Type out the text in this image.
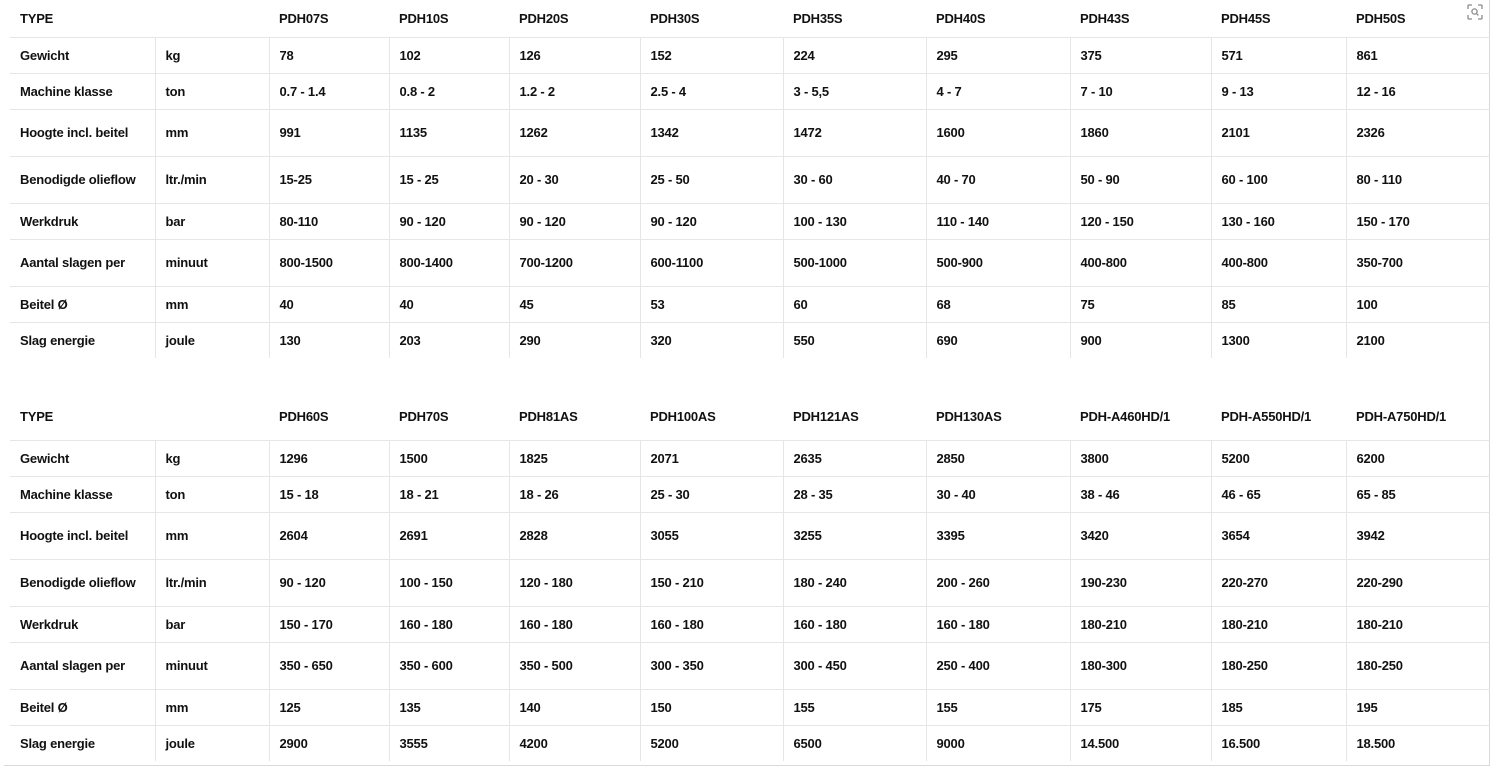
TYPE		PDH07S	PDH10S	PDH20S	PDH30S	PDH35S	PDH40S	PDH43S	PDH45S	PDH50S
Gewicht	kg	78	102	126	152	224	295	375	571	861
Machine klasse	ton	0.7 - 1.4	0.8 - 2	1.2 - 2	2.5 - 4	3 - 5,5	4 - 7	7 - 10	9 - 13	12 - 16
Hoogte incl. beitel	mm	991	1135	1262	1342	1472	1600	1860	2101	2326
Benodigde olieflow	ltr./min	15-25	15 - 25	20 - 30	25 - 50	30 - 60	40 - 70	50 - 90	60 - 100	80 - 110
Werkdruk	bar	80-110	90 - 120	90 - 120	90 - 120	100 - 130	110 - 140	120 - 150	130 - 160	150 - 170
Aantal slagen per	minuut	800-1500	800-1400	700-1200	600-1100	500-1000	500-900	400-800	400-800	350-700
Beitel Ø	mm	40	40	45	53	60	68	75	85	100
Slag energie	joule	130	203	290	320	550	690	900	1300	2100
TYPE		PDH60S	PDH70S	PDH81AS	PDH100AS	PDH121AS	PDH130AS	PDH-A460HD/1	PDH-A550HD/1	PDH-A750HD/1
Gewicht	kg	1296	1500	1825	2071	2635	2850	3800	5200	6200
Machine klasse	ton	15 - 18	18 - 21	18 - 26	25 - 30	28 - 35	30 - 40	38 - 46	46 - 65	65 - 85
Hoogte incl. beitel	mm	2604	2691	2828	3055	3255	3395	3420	3654	3942
Benodigde olieflow	ltr./min	90 - 120	100 - 150	120 - 180	150 - 210	180 - 240	200 - 260	190-230	220-270	220-290
Werkdruk	bar	150 - 170	160 - 180	160 - 180	160 - 180	160 - 180	160 - 180	180-210	180-210	180-210
Aantal slagen per	minuut	350 - 650	350 - 600	350 - 500	300 - 350	300 - 450	250 - 400	180-300	180-250	180-250
Beitel Ø	mm	125	135	140	150	155	155	175	185	195
Slag energie	joule	2900	3555	4200	5200	6500	9000	14.500	16.500	18.500
